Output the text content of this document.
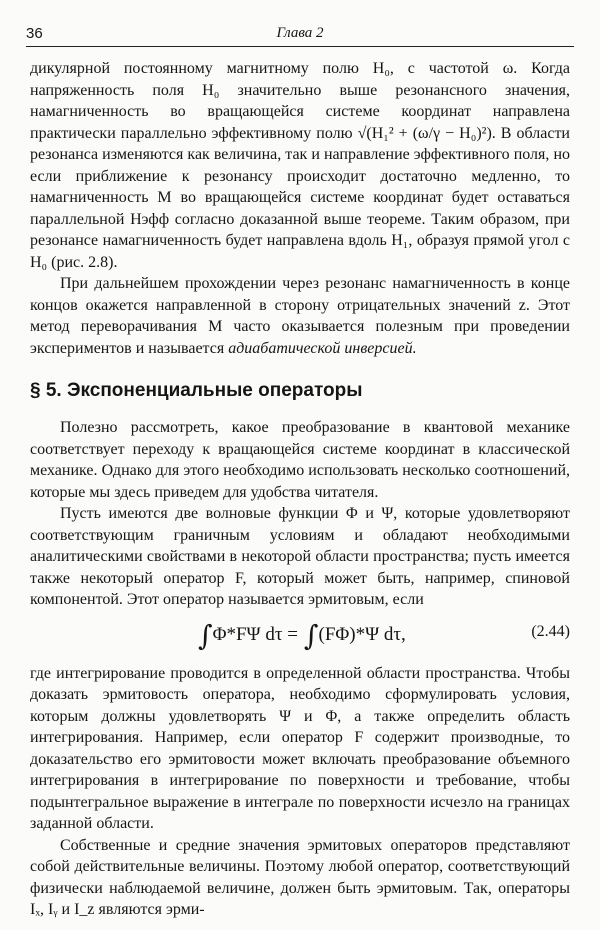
36	Глава 2

дикулярной постоянному магнитному полю H₀, с частотой ω. Когда напряженность поля H₀ значительно выше резонансного значения, намагниченность во вращающейся системе координат направлена практически параллельно эффективному полю √(H₁² + (ω/γ − H₀)²). В области резонанса изменяются как величина, так и направление эффективного поля, но если приближение к резонансу происходит достаточно медленно, то намагниченность M во вращающейся системе координат будет оставаться параллельной Hэфф согласно доказанной выше теореме. Таким образом, при резонансе намагниченность будет направлена вдоль H₁, образуя прямой угол с H₀ (рис. 2.8).

При дальнейшем прохождении через резонанс намагниченность в конце концов окажется направленной в сторону отрицательных значений z. Этот метод переворачивания M часто оказывается полезным при проведении экспериментов и называется адиабатической инверсией.

§ 5. Экспоненциальные операторы

Полезно рассмотреть, какое преобразование в квантовой механике соответствует переходу к вращающейся системе координат в классической механике. Однако для этого необходимо использовать несколько соотношений, которые мы здесь приведем для удобства читателя.

Пусть имеются две волновые функции Φ и Ψ, которые удовлетворяют соответствующим граничным условиям и обладают необходимыми аналитическими свойствами в некоторой области пространства; пусть имеется также некоторый оператор F, который может быть, например, спиновой компонентой. Этот оператор называется эрмитовым, если

∫Φ*FΨ dτ = ∫(FΦ)*Ψ dτ,	(2.44)

где интегрирование проводится в определенной области пространства. Чтобы доказать эрмитовость оператора, необходимо сформулировать условия, которым должны удовлетворять Ψ и Φ, а также определить область интегрирования. Например, если оператор F содержит производные, то доказательство его эрмитовости может включать преобразование объемного интегрирования в интегрирование по поверхности и требование, чтобы подынтегральное выражение в интеграле по поверхности исчезло на границах заданной области.

Собственные и средние значения эрмитовых операторов представляют собой действительные величины. Поэтому любой оператор, соответствующий физически наблюдаемой величине, должен быть эрмитовым. Так, операторы Iₓ, Iᵧ и I_z являются эрми-
